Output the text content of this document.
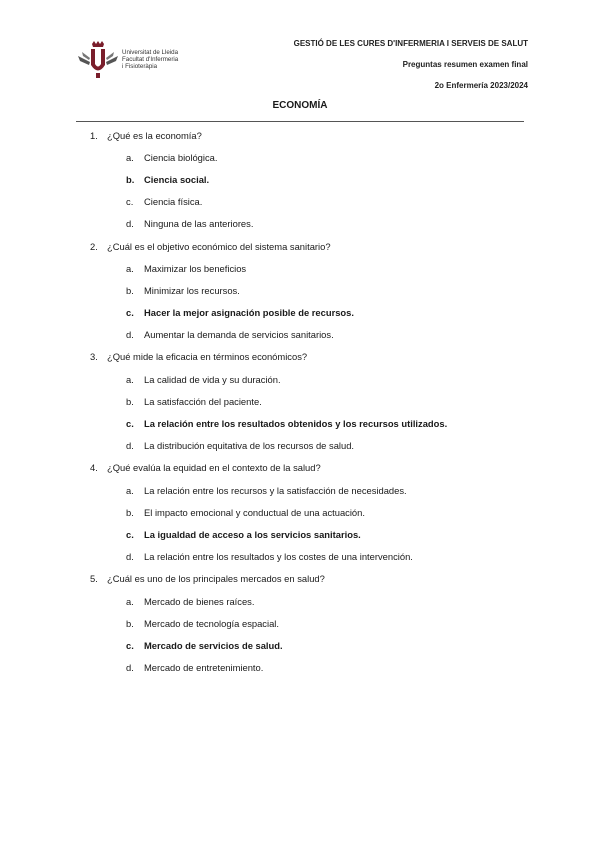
Universitat de Lleida
Facultat d'Infermeria
i Fisioteràpia
GESTIÓ DE LES CURES D'INFERMERIA I SERVEIS DE SALUT
Preguntas resumen examen final
2o Enfermería 2023/2024
ECONOMÍA
1. ¿Qué es la economía?
a. Ciencia biológica.
b. Ciencia social.
c. Ciencia física.
d. Ninguna de las anteriores.
2. ¿Cuál es el objetivo económico del sistema sanitario?
a. Maximizar los beneficios
b. Minimizar los recursos.
c. Hacer la mejor asignación posible de recursos.
d. Aumentar la demanda de servicios sanitarios.
3. ¿Qué mide la eficacia en términos económicos?
a. La calidad de vida y su duración.
b. La satisfacción del paciente.
c. La relación entre los resultados obtenidos y los recursos utilizados.
d. La distribución equitativa de los recursos de salud.
4. ¿Qué evalúa la equidad en el contexto de la salud?
a. La relación entre los recursos y la satisfacción de necesidades.
b. El impacto emocional y conductual de una actuación.
c. La igualdad de acceso a los servicios sanitarios.
d. La relación entre los resultados y los costes de una intervención.
5. ¿Cuál es uno de los principales mercados en salud?
a. Mercado de bienes raíces.
b. Mercado de tecnología espacial.
c. Mercado de servicios de salud.
d. Mercado de entretenimiento.
